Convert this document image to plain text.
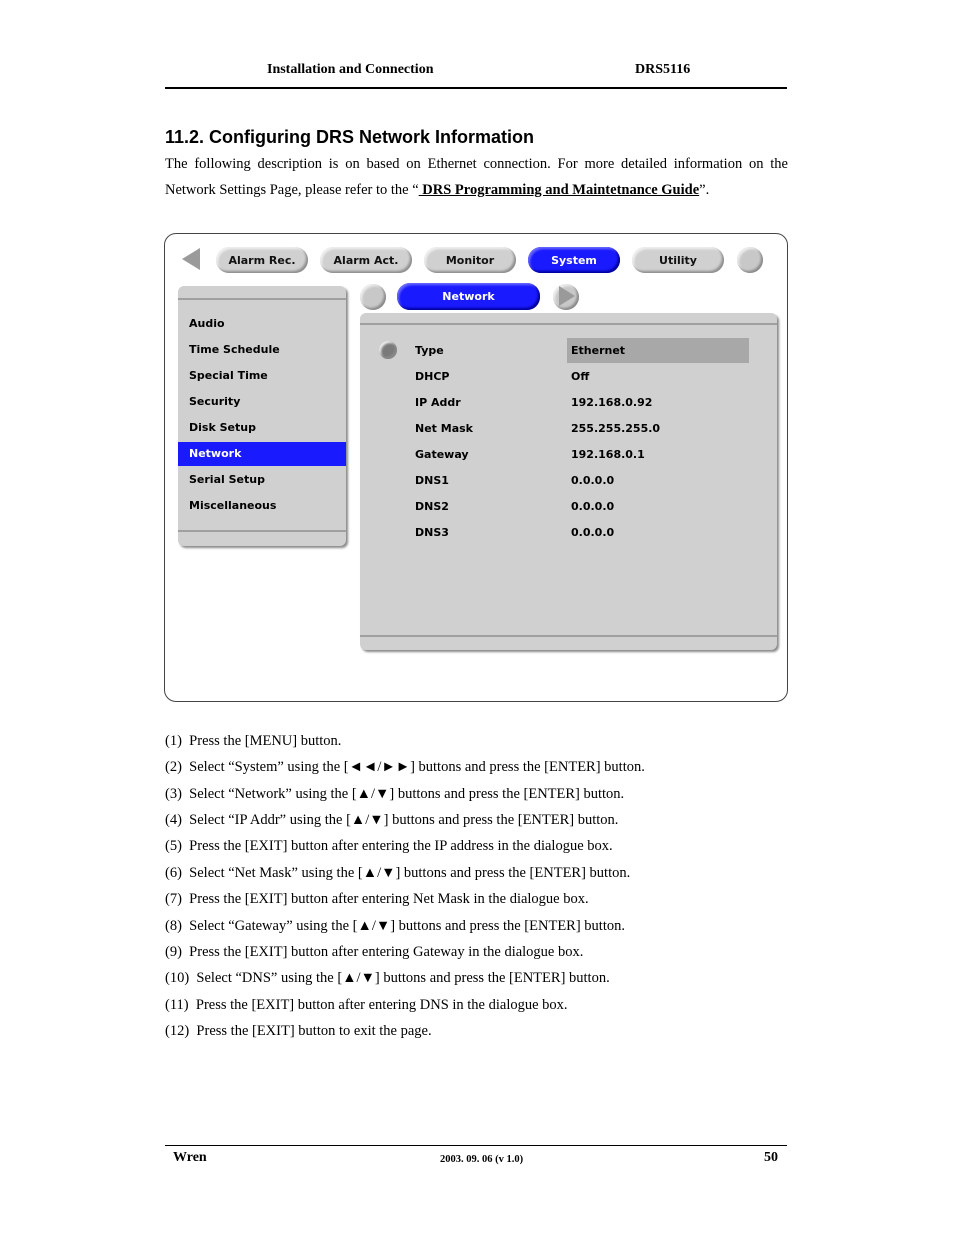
Installation and Connection	DRS5116
11.2. Configuring DRS Network Information
The following description is on based on Ethernet connection. For more detailed information on the
Network Settings Page, please refer to the “ DRS Programming and Maintetnance Guide”.
Alarm Rec.	Alarm Act.	Monitor	System	Utility
Network
Audio
Time Schedule
Special Time
Security
Disk Setup
Network
Serial Setup
Miscellaneous
Type	Ethernet
DHCP	Off
IP Addr	192.168.0.92
Net Mask	255.255.255.0
Gateway	192.168.0.1
DNS1	0.0.0.0
DNS2	0.0.0.0
DNS3	0.0.0.0
(1) Press the [MENU] button.
(2) Select “System” using the [◄◄/►►] buttons and press the [ENTER] button.
(3) Select “Network” using the [▲/▼] buttons and press the [ENTER] button.
(4) Select “IP Addr” using the [▲/▼] buttons and press the [ENTER] button.
(5) Press the [EXIT] button after entering the IP address in the dialogue box.
(6) Select “Net Mask” using the [▲/▼] buttons and press the [ENTER] button.
(7) Press the [EXIT] button after entering Net Mask in the dialogue box.
(8) Select “Gateway” using the [▲/▼] buttons and press the [ENTER] button.
(9) Press the [EXIT] button after entering Gateway in the dialogue box.
(10) Select “DNS” using the [▲/▼] buttons and press the [ENTER] button.
(11) Press the [EXIT] button after entering DNS in the dialogue box.
(12) Press the [EXIT] button to exit the page.
Wren	2003. 09. 06 (v 1.0)	50
